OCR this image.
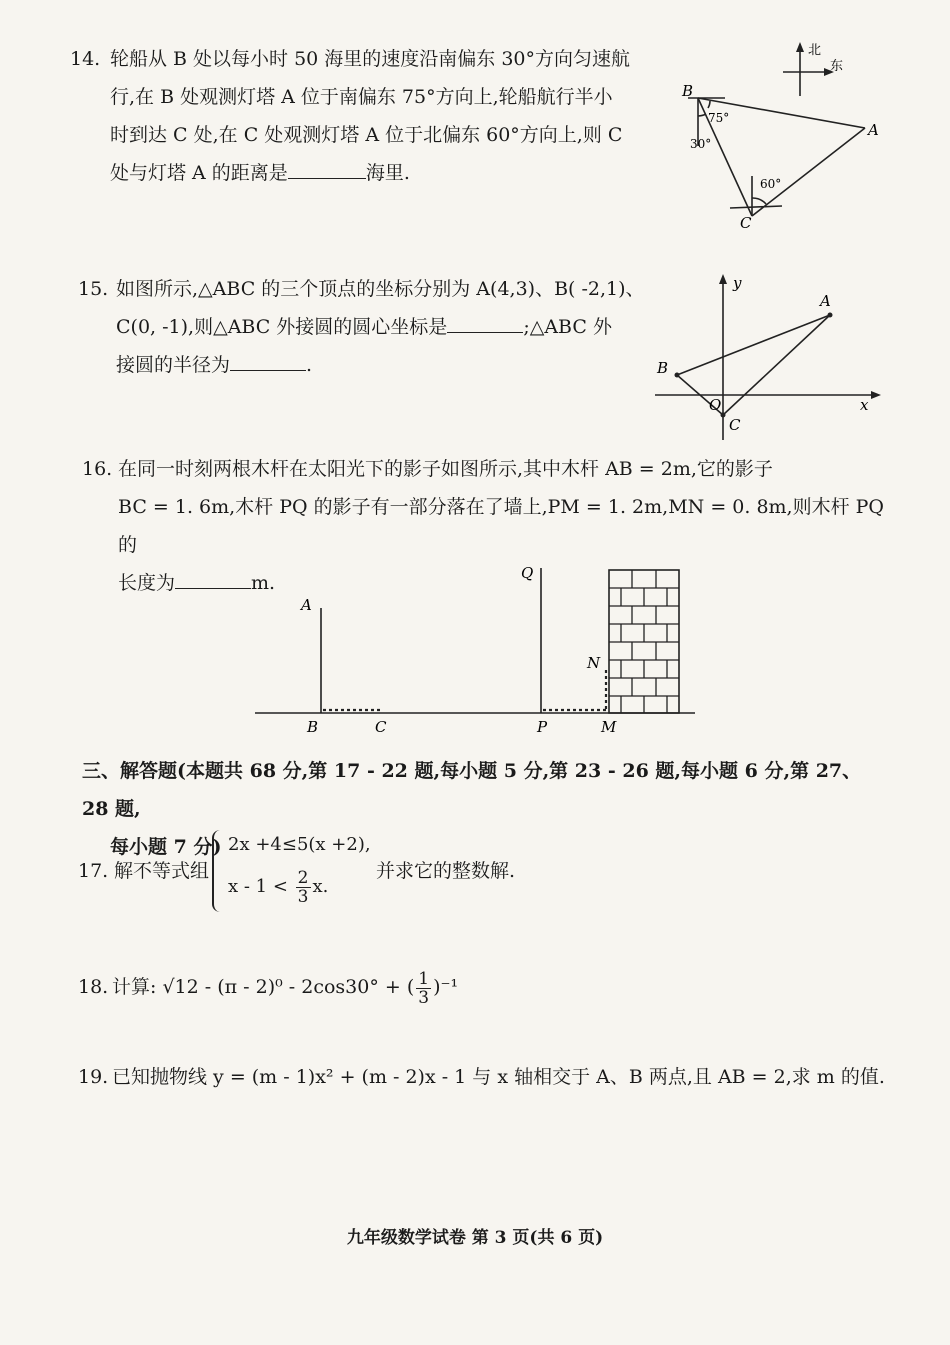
14. 轮船从 B 处以每小时 50 海里的速度沿南偏东 30°方向匀速航
行,在 B 处观测灯塔 A 位于南偏东 75°方向上,轮船航行半小
时到达 C 处,在 C 处观测灯塔 A 位于北偏东 60°方向上,则 C
处与灯塔 A 的距离是	海里.
B
A
C
75°
30°
60°
北
东
15. 如图所示,△ABC 的三个顶点的坐标分别为 A(4,3)、B( -2,1)、
C(0, -1),则△ABC 外接圆的圆心坐标是	;△ABC 外
接圆的半径为	.
y
x
A
B
C
O
16. 在同一时刻两根木杆在太阳光下的影子如图所示,其中木杆 AB = 2m,它的影子
BC = 1. 6m,木杆 PQ 的影子有一部分落在了墙上,PM = 1. 2m,MN = 0. 8m,则木杆 PQ 的
长度为	m.
A
B	C
Q
P	M
N
三、解答题(本题共 68 分,第 17 - 22 题,每小题 5 分,第 23 - 26 题,每小题 6 分,第 27、28 题,
每小题 7 分)
17. 解不等式组
2x +4≤5(x +2),
$x - 1 < \frac{2}{3} x$.
并求它的整数解.
18. 计算: √12 - (π - 2)⁰ - 2cos30° + ( $\frac{1}{3} )^{-1}$
19. 已知抛物线 y = (m - 1)x² + (m - 2)x - 1 与 x 轴相交于 A、B 两点,且 AB = 2,求 m 的值.
九年级数学试卷 第 3 页(共 6 页)
